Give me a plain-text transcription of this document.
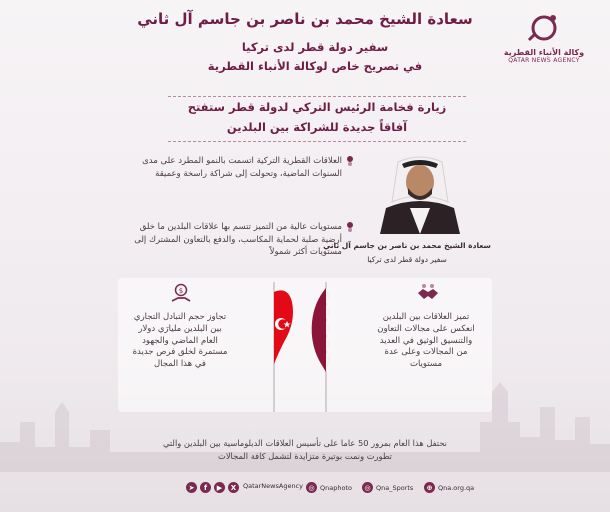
وكالة الأنباء القطرية
QATAR NEWS AGENCY
سعادة الشيخ محمد بن ناصر بن جاسم آل ثاني
سفير دولة قطر لدى تركيا
في تصريح خاص لوكالة الأنباء القطرية
زيارة فخامة الرئيس التركي لدولة قطر ستفتح
آفاقاً جديدة للشراكة بين البلدين
سعادة الشيخ محمد بن ناصر بن جاسم آل ثاني
سفير دولة قطر لدى تركيا
العلاقات القطرية التركية اتسمت بالنمو المطرد على مدى السنوات الماضية، وتحولت إلى شراكة راسخة وعميقة
مستويات عالية من التميز تتسم بها علاقات البلدين ما خلق أرضية صلبة لحماية المكاسب، والدفع بالتعاون المشترك إلى مستويات أكثر شمولاً
$
تجاوز حجم التبادل التجاري بين البلدين مليارَي دولار العام الماضي والجهود مستمرة لخلق فرص جديدة في هذا المجال
تميز العلاقات بين البلدين انعكس على مجالات التعاون والتنسيق الوثيق في العديد من المجالات وعلى عدة مستويات
نحتفل هذا العام بمرور 50 عاما على تأسيس العلاقات الدبلوماسية بين البلدين والتي
تطورت ونمت بوتيرة متزايدة لتشمل كافة المجالات
➤	f	▶	X	QatarNewsAgency ◎ Qnaphoto	◎ Qna_Sports	⊕ Qna.org.qa
